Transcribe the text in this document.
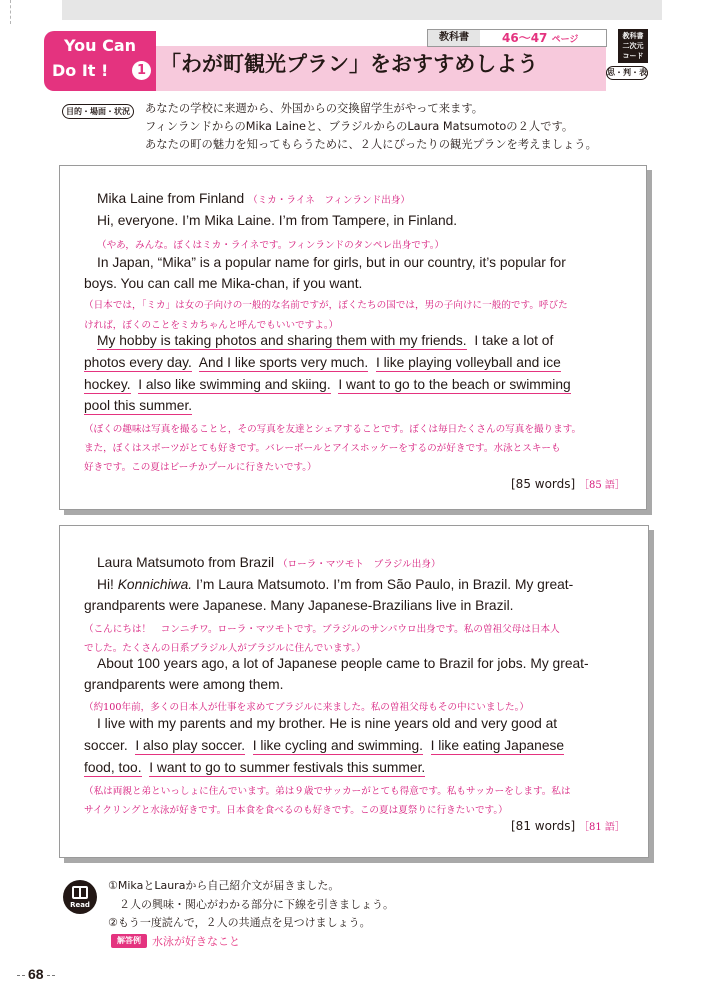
You Can
Do It !	1 「わが町観光プラン」をおすすめしよう
教科書	46～47 ページ	教科書
二次元
コード
思・判・表
目的・場面・状況	あなたの学校に来週から、外国からの交換留学生がやって来ます。
フィンランドからのMika Laineと、ブラジルからのLaura Matsumotoの２人です。
あなたの町の魅力を知ってもらうために、２人にぴったりの観光プランを考えましょう。
Mika Laine from Finland （ミカ・ライネ　フィンランド出身）
Hi, everyone. I’m Mika Laine. I’m from Tampere, in Finland.
（やあ，みんな。ぼくはミカ・ライネです。フィンランドのタンペレ出身です。）
In Japan, “Mika” is a popular name for girls, but in our country, it’s popular for
boys. You can call me Mika-chan, if you want.
（日本では，「ミカ」は女の子向けの一般的な名前ですが，ぼくたちの国では，男の子向けに一般的です。呼びた
ければ，ぼくのことをミカちゃんと呼んでもいいですよ。）
My hobby is taking photos and sharing them with my friends. I take a lot of
photos every day. And I like sports very much. I like playing volleyball and ice
hockey. I also like swimming and skiing. I want to go to the beach or swimming
pool this summer.
（ぼくの趣味は写真を撮ることと，その写真を友達とシェアすることです。ぼくは毎日たくさんの写真を撮ります。
また，ぼくはスポーツがとても好きです。バレーボールとアイスホッケーをするのが好きです。水泳とスキーも
好きです。この夏はビーチかプールに行きたいです。）
[85 words] ［85 語］
Laura Matsumoto from Brazil （ローラ・マツモト　ブラジル出身）
Hi! Konnichiwa. I’m Laura Matsumoto. I’m from São Paulo, in Brazil. My great-
grandparents were Japanese. Many Japanese-Brazilians live in Brazil.
（こんにちは！　コンニチワ。ローラ・マツモトです。ブラジルのサンパウロ出身です。私の曽祖父母は日本人
でした。たくさんの日系ブラジル人がブラジルに住んでいます。）
About 100 years ago, a lot of Japanese people came to Brazil for jobs. My great-
grandparents were among them.
（約100年前，多くの日本人が仕事を求めてブラジルに来ました。私の曽祖父母もその中にいました。）
I live with my parents and my brother. He is nine years old and very good at
soccer. I also play soccer. I like cycling and swimming. I like eating Japanese
food, too. I want to go to summer festivals this summer.
（私は両親と弟といっしょに住んでいます。弟は９歳でサッカーがとても得意です。私もサッカーをします。私は
サイクリングと水泳が好きです。日本食を食べるのも好きです。この夏は夏祭りに行きたいです。）
[81 words] ［81 語］
Read
①MikaとLauraから自己紹介文が届きました。
　２人の興味・関心がわかる部分に下線を引きましょう。
②もう一度読んで，２人の共通点を見つけましょう。
解答例	水泳が好きなこと
68
